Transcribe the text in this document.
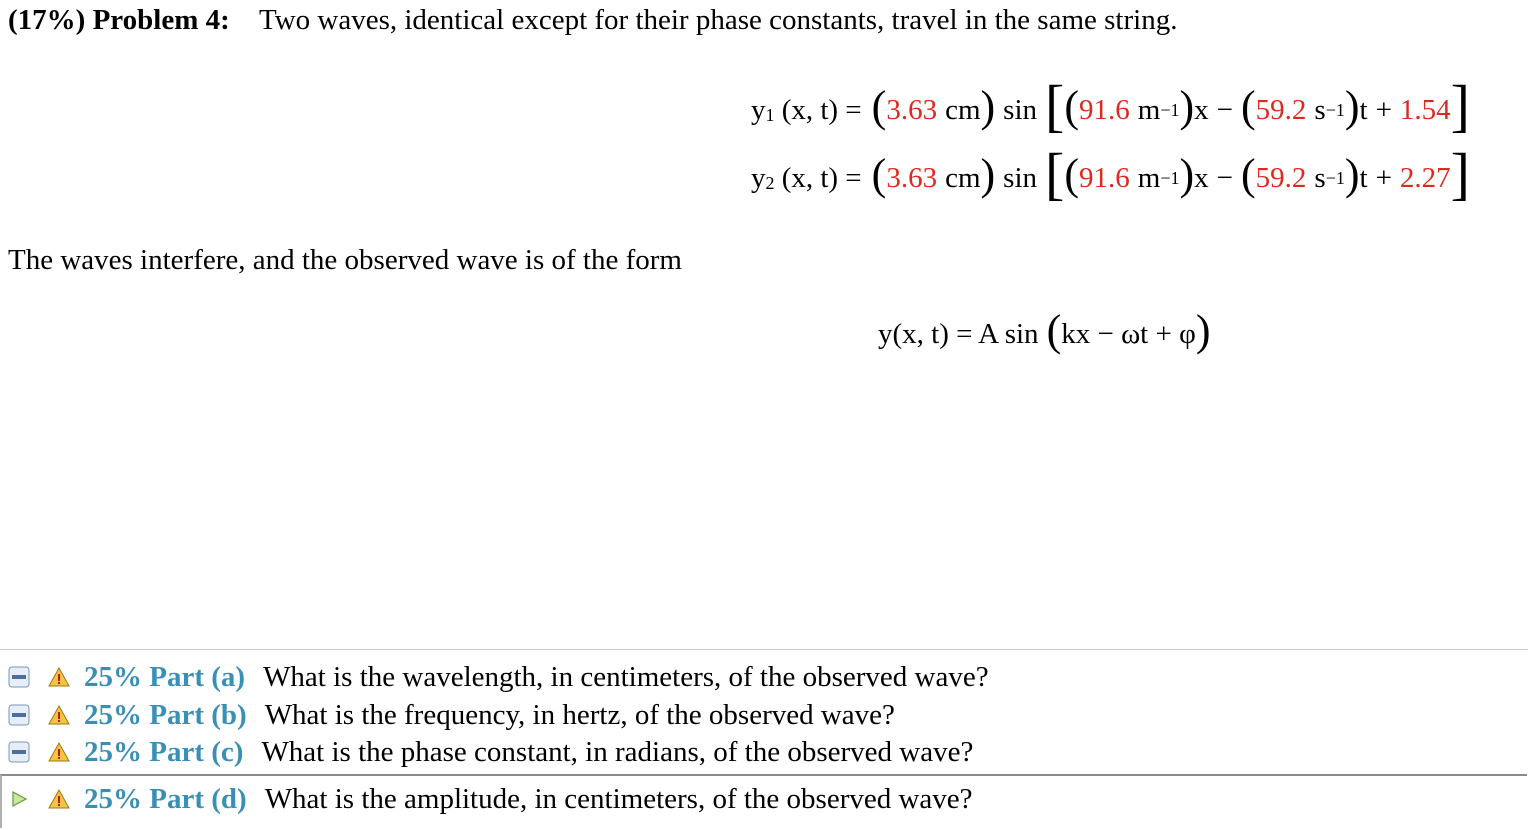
(17%) Problem 4: Two waves, identical except for their phase constants, travel in the same string.
$y_1$ (x, t) = ( 3.63 cm ) sin [ ( 91.6 m −1 ) x − ( 59.2 s −1 ) t + 1.54 ]
$y_2$ (x, t) = ( 3.63 cm ) sin [ ( 91.6 m −1 ) x − ( 59.2 s −1 ) t + 2.27 ]
The waves interfere, and the observed wave is of the form
y(x, t) = A sin ( kx − ωt + φ )
25% Part (a) What is the wavelength, in centimeters, of the observed wave?
25% Part (b) What is the frequency, in hertz, of the observed wave?
25% Part (c) What is the phase constant, in radians, of the observed wave?
25% Part (d) What is the amplitude, in centimeters, of the observed wave?
